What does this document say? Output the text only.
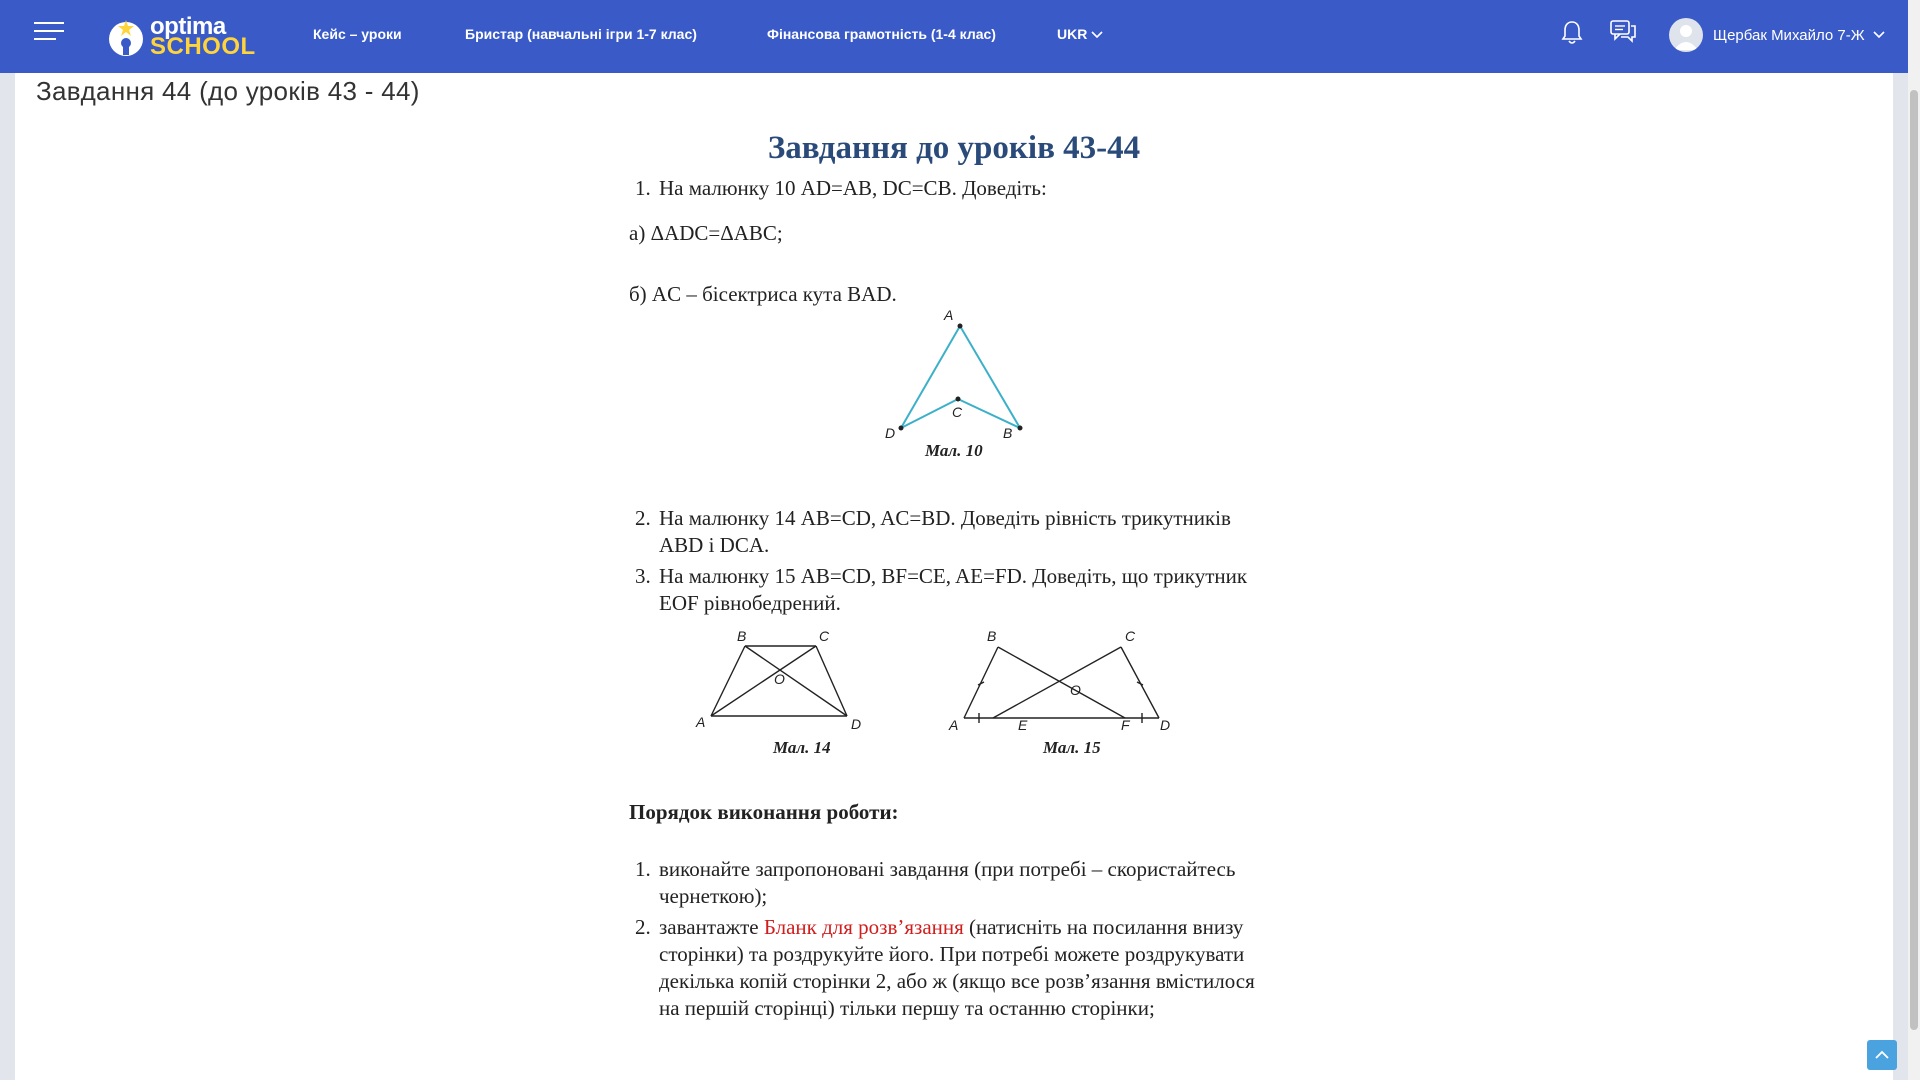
optima
SCHOOL	Кейс – уроки	Бристар (навчальні ігри 1-7 клас)	Фінансова грамотність (1-4 клас)	UKR	Щербак Михайло 7-Ж
Завдання 44 (до уроків 43 - 44)
Завдання до уроків 43-44
1. На малюнку 10 AD=AB, DC=CB. Доведіть:
а) ΔADC=ΔABC;
б) AC – бісектриса кута BAD.
A
C
D	B
Мал. 10
2. На малюнку 14 AB=CD, AC=BD. Доведіть рівність трикутників ABD і DCA.
3. На малюнку 15 AB=CD, BF=CE, AE=FD. Доведіть, що трикутник EOF рівнобедрений.
B	C
O
A	D
Мал. 14
B	C
O
A	E	F D
Мал. 15
Порядок виконання роботи:
1. виконайте запропоновані завдання (при потребі – скористайтесь чернеткою);
2. завантажте Бланк для розв’язання (натисніть на посилання внизу сторінки) та роздрукуйте його. При потребі можете роздрукувати декілька копій сторінки 2, або ж (якщо все розв’язання вмістилося на першій сторінці) тільки першу та останню сторінки;
